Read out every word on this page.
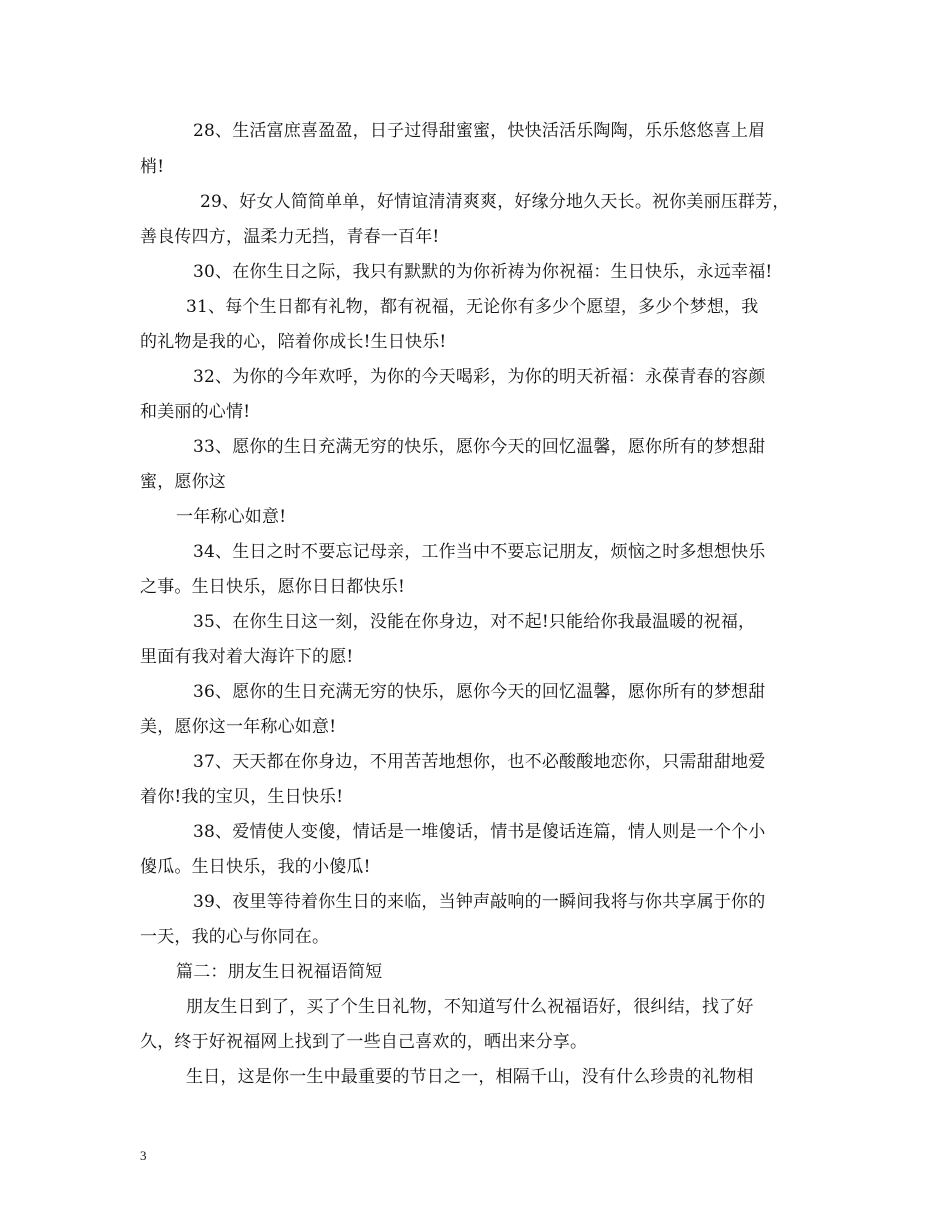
28、生活富庶喜盈盈，日子过得甜蜜蜜，快快活活乐陶陶，乐乐悠悠喜上眉
梢!
29、好女人简简单单，好情谊清清爽爽，好缘分地久天长。祝你美丽压群芳，
善良传四方，温柔力无挡，青春一百年!
30、在你生日之际，我只有默默的为你祈祷为你祝福：生日快乐，永远幸福!
31、每个生日都有礼物，都有祝福，无论你有多少个愿望，多少个梦想，我
的礼物是我的心，陪着你成长!生日快乐!
32、为你的今年欢呼，为你的今天喝彩，为你的明天祈福：永葆青春的容颜
和美丽的心情!
33、愿你的生日充满无穷的快乐，愿你今天的回忆温馨，愿你所有的梦想甜
蜜，愿你这
一年称心如意!
34、生日之时不要忘记母亲，工作当中不要忘记朋友，烦恼之时多想想快乐
之事。生日快乐，愿你日日都快乐!
35、在你生日这一刻，没能在你身边，对不起!只能给你我最温暖的祝福，
里面有我对着大海许下的愿!
36、愿你的生日充满无穷的快乐，愿你今天的回忆温馨，愿你所有的梦想甜
美，愿你这一年称心如意!
37、天天都在你身边，不用苦苦地想你，也不必酸酸地恋你，只需甜甜地爱
着你!我的宝贝，生日快乐!
38、爱情使人变傻，情话是一堆傻话，情书是傻话连篇，情人则是一个个小
傻瓜。生日快乐，我的小傻瓜!
39、夜里等待着你生日的来临，当钟声敲响的一瞬间我将与你共享属于你的
一天，我的心与你同在。
篇二：朋友生日祝福语简短
朋友生日到了，买了个生日礼物，不知道写什么祝福语好，很纠结，找了好
久，终于好祝福网上找到了一些自己喜欢的，晒出来分享。
生日，这是你一生中最重要的节日之一，相隔千山，没有什么珍贵的礼物相
3
